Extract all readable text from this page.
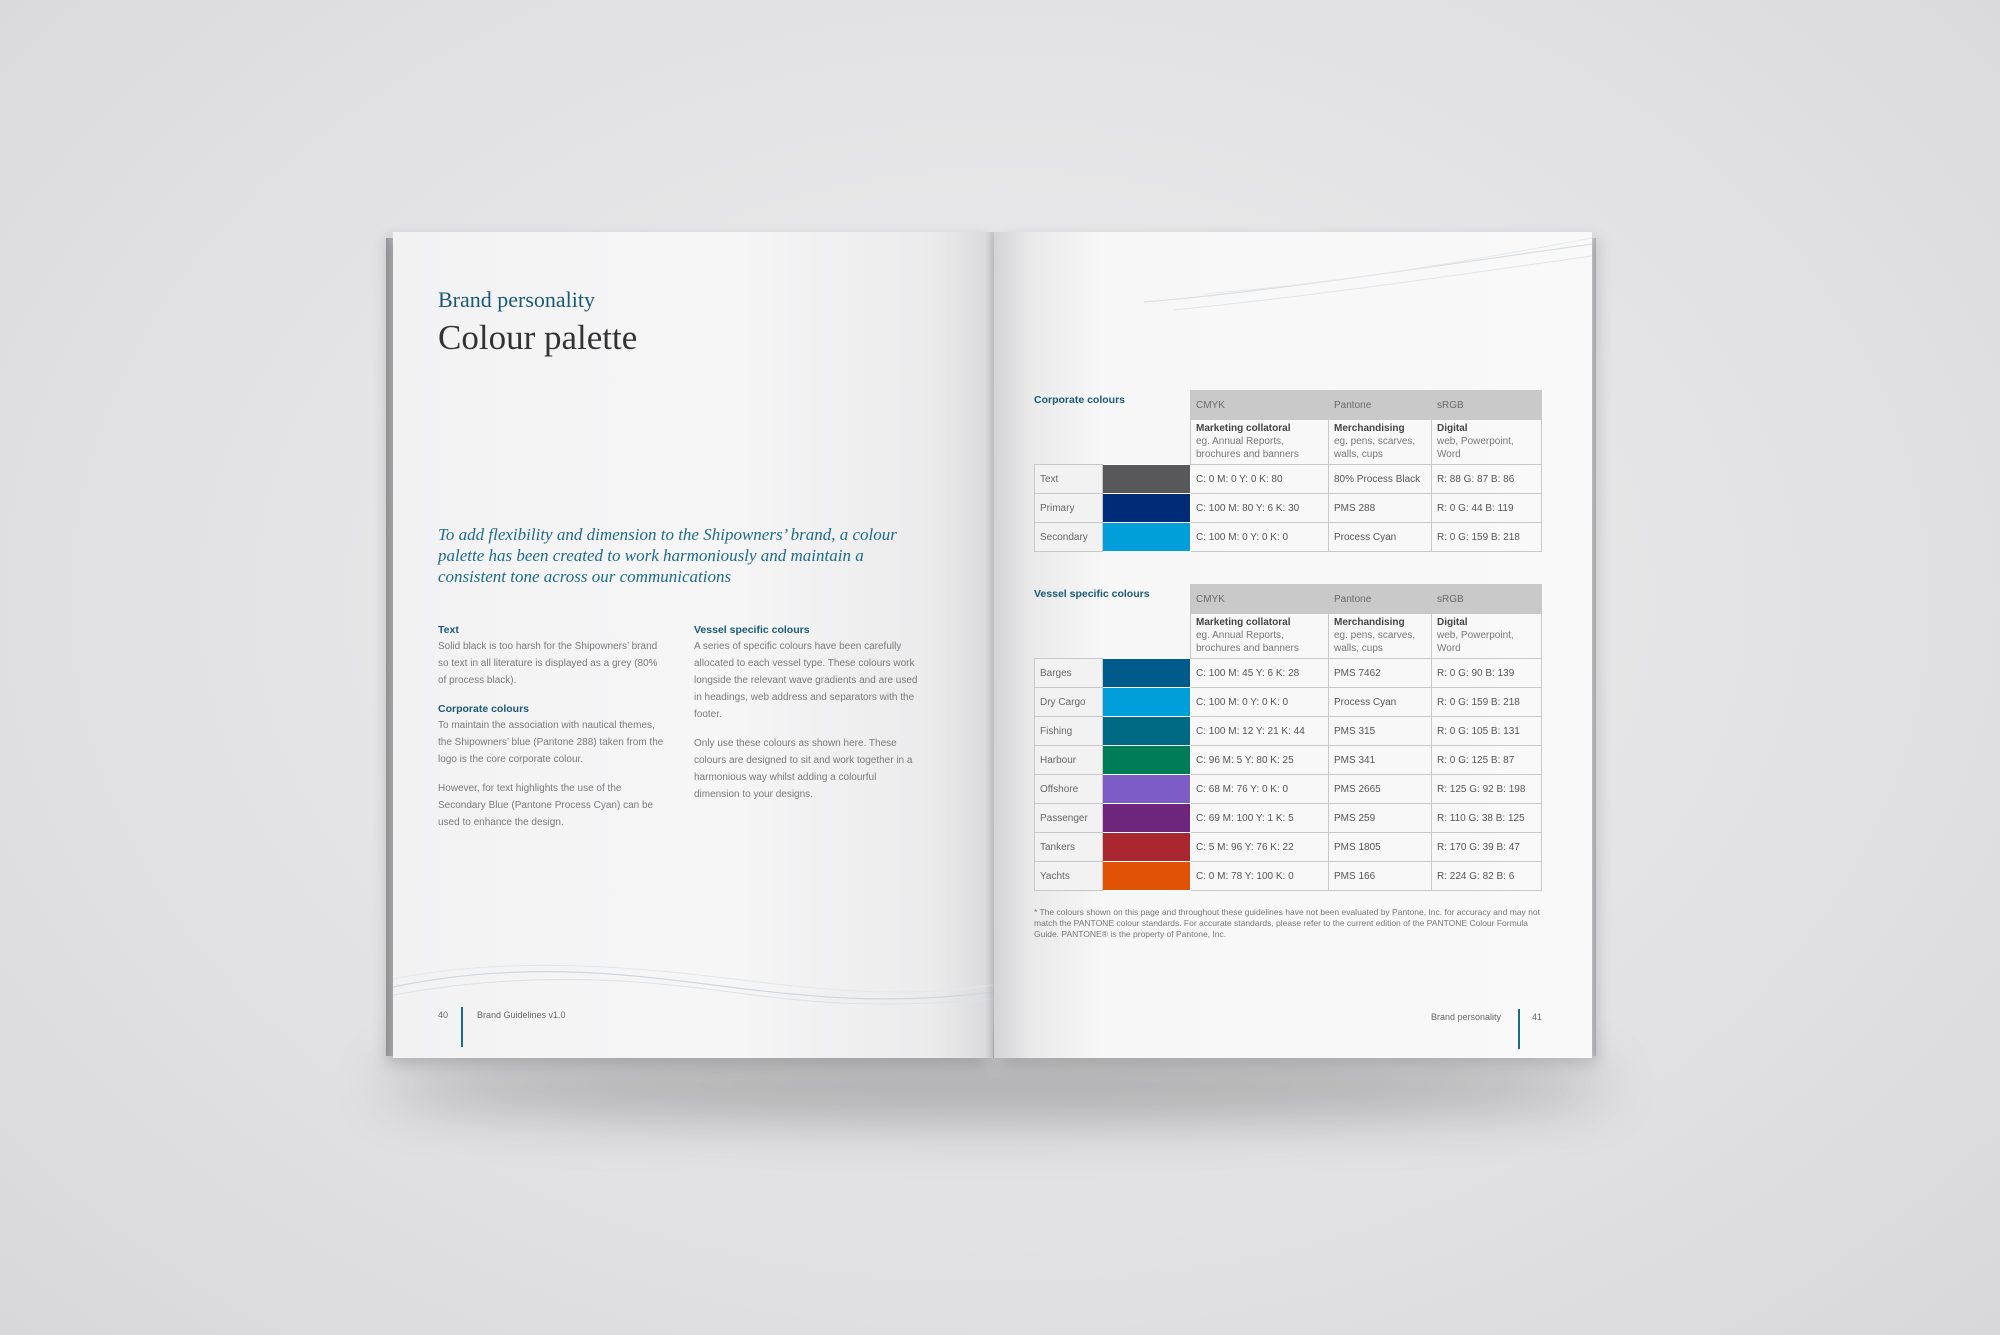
Brand personality
Colour palette
To add flexibility and dimension to the Shipowners’ brand, a colour palette has been created to work harmoniously and maintain a consistent tone across our communications
Text

Solid black is too harsh for the Shipowners’ brand so text in all literature is displayed as a grey (80% of process black).

Corporate colours

To maintain the association with nautical themes, the Shipowners’ blue (Pantone 288) taken from the logo is the core corporate colour.

However, for text highlights the use of the Secondary Blue (Pantone Process Cyan) can be used to enhance the design.

Vessel specific colours

A series of specific colours have been carefully allocated to each vessel type. These colours work longside the relevant wave gradients and are used in headings, web address and separators with the footer.

Only use these colours as shown here. These colours are designed to sit and work together in a harmonious way whilst adding a colourful dimension to your designs.

40	Brand Guidelines v1.0
Corporate colours
		CMYK	Pantone	sRGB

		Marketing collatoral
eg. Annual Reports, brochures and banners	Merchandising
eg. pens, scarves, walls, cups	Digital
web, Powerpoint, Word
Text		C: 0 M: 0 Y: 0 K: 80	80% Process Black	R: 88 G: 87 B: 86
Primary		C: 100 M: 80 Y: 6 K: 30	PMS 288	R: 0 G: 44 B: 119
Secondary		C: 100 M: 0 Y: 0 K: 0	Process Cyan	R: 0 G: 159 B: 218
Vessel specific colours
		CMYK	Pantone	sRGB

		Marketing collatoral
eg. Annual Reports, brochures and banners	Merchandising
eg. pens, scarves, walls, cups	Digital
web, Powerpoint, Word
Barges		C: 100 M: 45 Y: 6 K: 28	PMS 7462	R: 0 G: 90 B: 139
Dry Cargo		C: 100 M: 0 Y: 0 K: 0	Process Cyan	R: 0 G: 159 B: 218
Fishing		C: 100 M: 12 Y: 21 K: 44	PMS 315	R: 0 G: 105 B: 131
Harbour		C: 96 M: 5 Y: 80 K: 25	PMS 341	R: 0 G: 125 B: 87
Offshore		C: 68 M: 76 Y: 0 K: 0	PMS 2665	R: 125 G: 92 B: 198
Passenger		C: 69 M: 100 Y: 1 K: 5	PMS 259	R: 110 G: 38 B: 125
Tankers		C: 5 M: 96 Y: 76 K: 22	PMS 1805	R: 170 G: 39 B: 47
Yachts		C: 0 M: 78 Y: 100 K: 0	PMS 166	R: 224 G: 82 B: 6
* The colours shown on this page and throughout these guidelines have not been evaluated by Pantone, Inc. for accuracy and may not match the PANTONE colour standards. For accurate standards, please refer to the current edition of the PANTONE Colour Formula Guide. PANTONE® is the property of Pantone, Inc.
Brand personality	41
